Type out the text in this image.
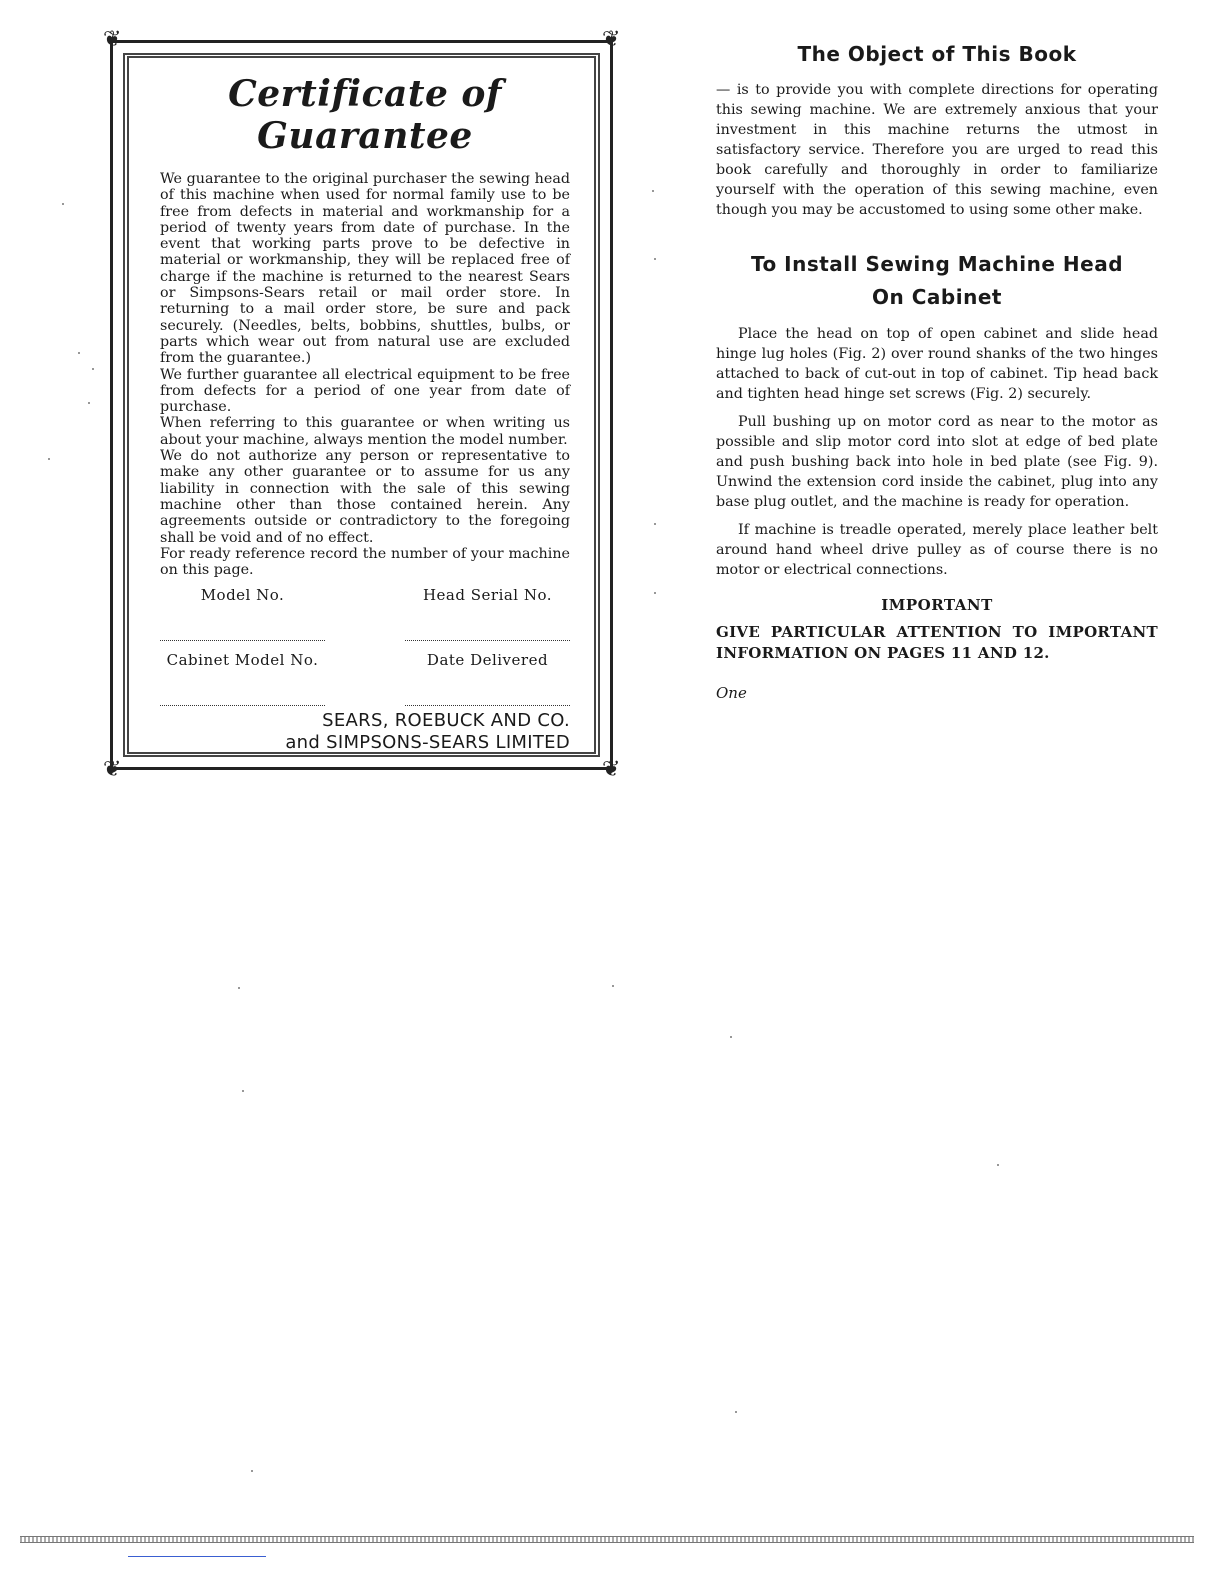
❦	❦
❦	❦
Certificate of Guarantee

We guarantee to the original purchaser the sewing head of this machine when used for normal family use to be free from defects in material and workmanship for a period of twenty years from date of purchase. In the event that working parts prove to be defective in material or workmanship, they will be replaced free of charge if the machine is returned to the nearest Sears or Simpsons-Sears retail or mail order store. In returning to a mail order store, be sure and pack securely. (Needles, belts, bobbins, shuttles, bulbs, or parts which wear out from natural use are excluded from the guarantee.)

We further guarantee all electrical equipment to be free from defects for a period of one year from date of purchase.

When referring to this guarantee or when writing us about your machine, always mention the model number.

We do not authorize any person or representative to make any other guarantee or to assume for us any liability in connection with the sale of this sewing machine other than those contained herein. Any agreements outside or contradictory to the foregoing shall be void and of no effect.

For ready reference record the number of your machine on this page.

Model No.	Head Serial No.
Cabinet Model No.	Date Delivered
SEARS, ROEBUCK AND CO.
and SIMPSONS-SEARS LIMITED
The Object of This Book

— is to provide you with complete directions for operating this sewing machine. We are extremely anxious that your investment in this machine returns the utmost in satisfactory service. Therefore you are urged to read this book carefully and thoroughly in order to familiarize yourself with the operation of this sewing machine, even though you may be accustomed to using some other make.

To Install Sewing Machine Head
On Cabinet

Place the head on top of open cabinet and slide head hinge lug holes (Fig. 2) over round shanks of the two hinges attached to back of cut-out in top of cabinet. Tip head back and tighten head hinge set screws (Fig. 2) securely.

Pull bushing up on motor cord as near to the motor as possible and slip motor cord into slot at edge of bed plate and push bushing back into hole in bed plate (see Fig. 9). Unwind the extension cord inside the cabinet, plug into any base plug outlet, and the machine is ready for operation.

If machine is treadle operated, merely place leather belt around hand wheel drive pulley as of course there is no motor or electrical connections.

IMPORTANT
GIVE PARTICULAR ATTENTION TO IMPORTANT INFORMATION ON PAGES 11 AND 12.
One
